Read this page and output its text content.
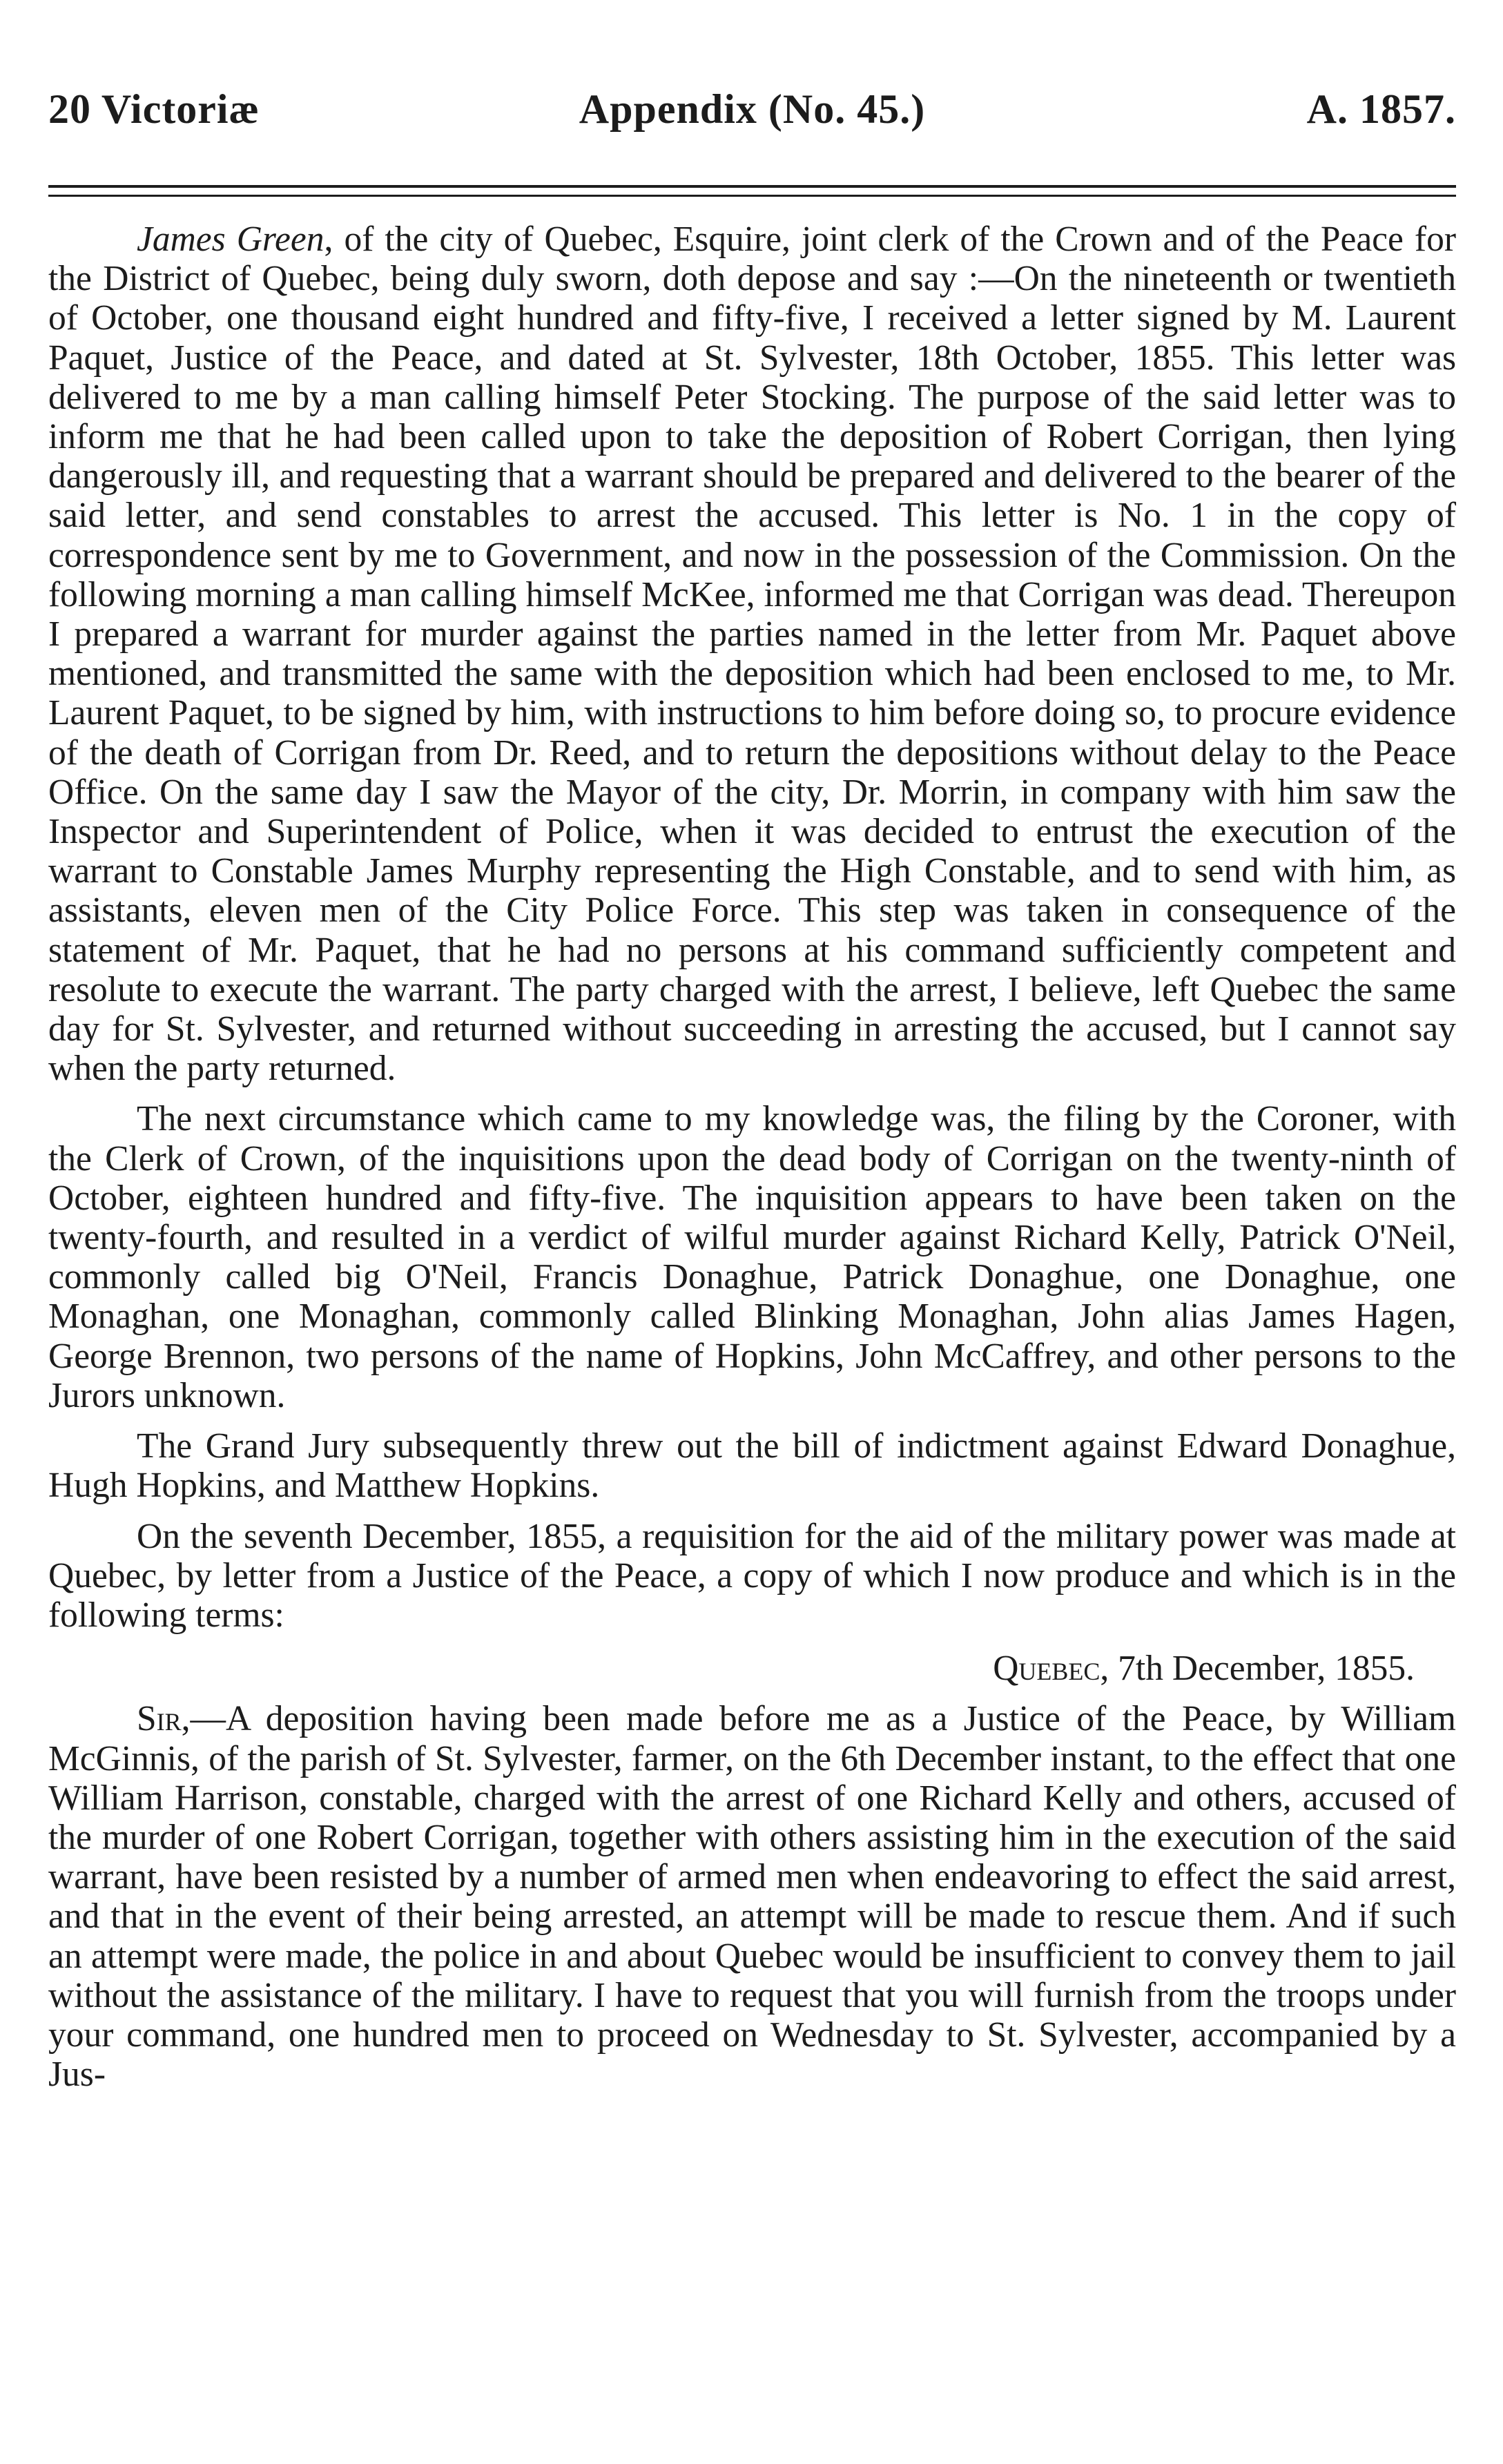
20 Victoriæ	Appendix (No. 45.)	A. 1857.

James Green, of the city of Quebec, Esquire, joint clerk of the Crown and of the Peace for the District of Quebec, being duly sworn, doth depose and say :—On the nineteenth or twentieth of October, one thousand eight hundred and fifty-five, I received a letter signed by M. Laurent Paquet, Justice of the Peace, and dated at St. Sylvester, 18th October, 1855. This letter was delivered to me by a man calling himself Peter Stocking. The purpose of the said letter was to inform me that he had been called upon to take the deposition of Robert Corrigan, then lying dangerously ill, and requesting that a warrant should be prepared and delivered to the bearer of the said letter, and send constables to arrest the accused. This letter is No. 1 in the copy of correspondence sent by me to Government, and now in the possession of the Commission. On the following morning a man calling himself McKee, informed me that Corrigan was dead. Thereupon I prepared a warrant for murder against the parties named in the letter from Mr. Paquet above mentioned, and transmitted the same with the deposition which had been enclosed to me, to Mr. Laurent Paquet, to be signed by him, with instructions to him before doing so, to procure evidence of the death of Corrigan from Dr. Reed, and to return the depositions without delay to the Peace Office. On the same day I saw the Mayor of the city, Dr. Morrin, in company with him saw the Inspector and Superintendent of Police, when it was decided to entrust the execution of the warrant to Constable James Murphy representing the High Constable, and to send with him, as assistants, eleven men of the City Police Force. This step was taken in consequence of the statement of Mr. Paquet, that he had no persons at his command sufficiently competent and resolute to execute the warrant. The party charged with the arrest, I believe, left Quebec the same day for St. Sylvester, and returned without succeeding in arresting the accused, but I cannot say when the party returned.

The next circumstance which came to my knowledge was, the filing by the Coroner, with the Clerk of Crown, of the inquisitions upon the dead body of Corrigan on the twenty-ninth of October, eighteen hundred and fifty-five. The inquisition appears to have been taken on the twenty-fourth, and resulted in a verdict of wilful murder against Richard Kelly, Patrick O'Neil, commonly called big O'Neil, Francis Donaghue, Patrick Donaghue, one Donaghue, one Monaghan, one Monaghan, commonly called Blinking Monaghan, John alias James Hagen, George Brennon, two persons of the name of Hopkins, John McCaffrey, and other persons to the Jurors unknown.

The Grand Jury subsequently threw out the bill of indictment against Edward Donaghue, Hugh Hopkins, and Matthew Hopkins.

On the seventh December, 1855, a requisition for the aid of the military power was made at Quebec, by letter from a Justice of the Peace, a copy of which I now produce and which is in the following terms:

Quebec, 7th December, 1855.

Sir,—A deposition having been made before me as a Justice of the Peace, by William McGinnis, of the parish of St. Sylvester, farmer, on the 6th December instant, to the effect that one William Harrison, constable, charged with the arrest of one Richard Kelly and others, accused of the murder of one Robert Corrigan, together with others assisting him in the execution of the said warrant, have been resisted by a number of armed men when endeavoring to effect the said arrest, and that in the event of their being arrested, an attempt will be made to rescue them. And if such an attempt were made, the police in and about Quebec would be insufficient to convey them to jail without the assistance of the military. I have to request that you will furnish from the troops under your command, one hundred men to proceed on Wednesday to St. Sylvester, accompanied by a Jus-
